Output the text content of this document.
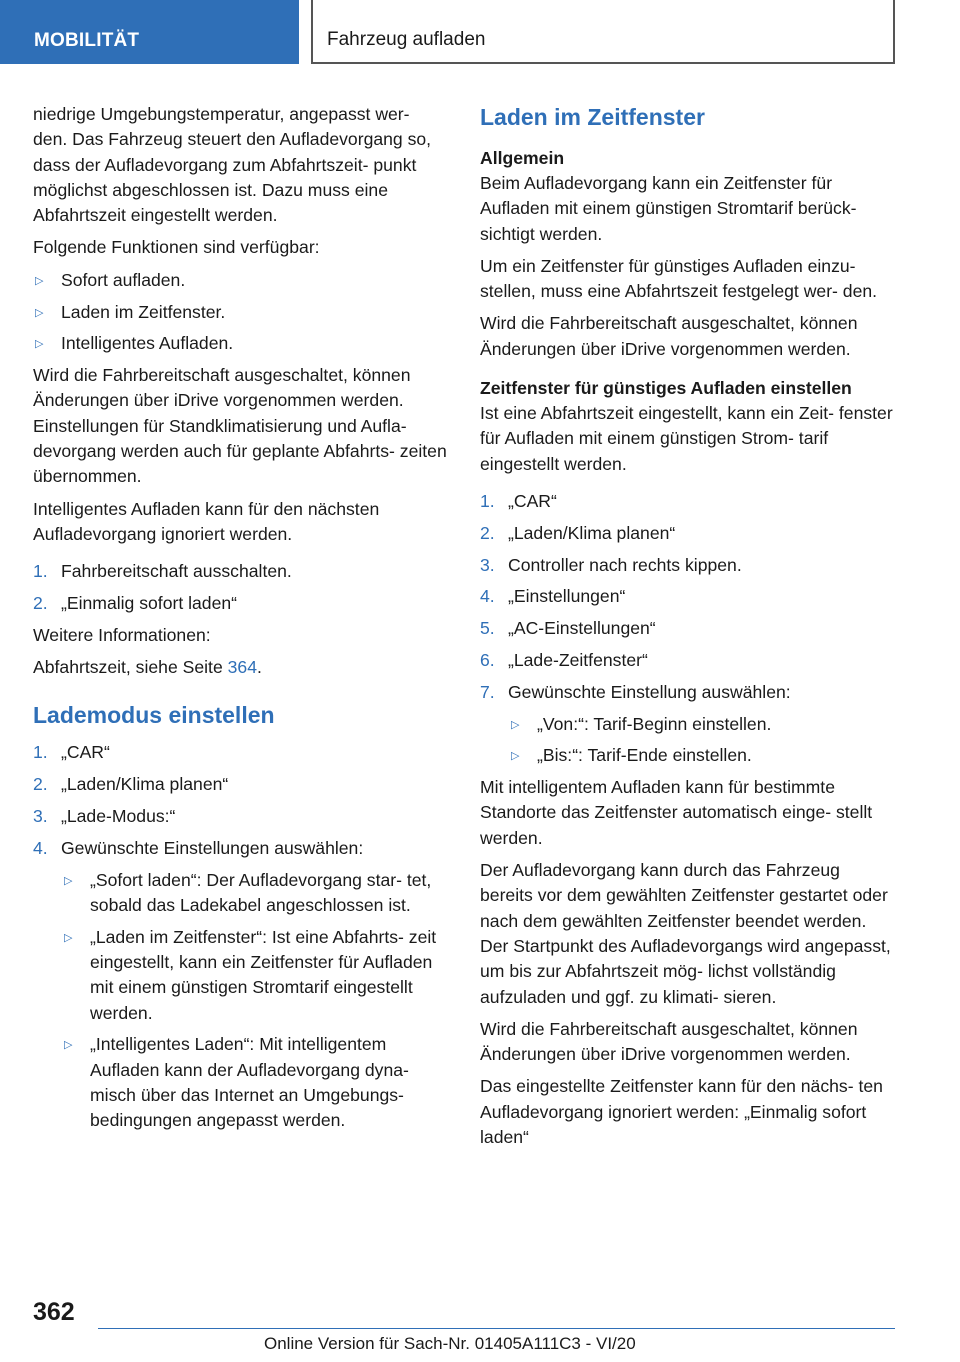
MOBILITÄT	Fahrzeug aufladen

niedrige Umgebungstemperatur, angepasst wer‐ den. Das Fahrzeug steuert den Aufladevorgang so, dass der Aufladevorgang zum Abfahrtszeit‐ punkt möglichst abgeschlossen ist. Dazu muss eine Abfahrtszeit eingestellt werden.

Folgende Funktionen sind verfügbar:

▷ Sofort aufladen.
▷ Laden im Zeitfenster.
▷ Intelligentes Aufladen.

Wird die Fahrbereitschaft ausgeschaltet, können Änderungen über iDrive vorgenommen werden. Einstellungen für Standklimatisierung und Aufla‐ devorgang werden auch für geplante Abfahrts‐ zeiten übernommen.

Intelligentes Aufladen kann für den nächsten Aufladevorgang ignoriert werden.

1. Fahrbereitschaft ausschalten.
2. „Einmalig sofort laden“

Weitere Informationen:

Abfahrtszeit, siehe Seite 364.

Lademodus einstellen
1. „CAR“
2. „Laden/Klima planen“
3. „Lade-Modus:“
4. Gewünschte Einstellungen auswählen:
▷ „Sofort laden“: Der Aufladevorgang star‐ tet, sobald das Ladekabel angeschlossen ist.
▷ „Laden im Zeitfenster“: Ist eine Abfahrts‐ zeit eingestellt, kann ein Zeitfenster für Aufladen mit einem günstigen Stromtarif eingestellt werden.
▷ „Intelligentes Laden“: Mit intelligentem Aufladen kann der Aufladevorgang dyna‐ misch über das Internet an Umgebungs‐ bedingungen angepasst werden.
Laden im Zeitfenster
Allgemein

Beim Aufladevorgang kann ein Zeitfenster für Aufladen mit einem günstigen Stromtarif berück‐ sichtigt werden.

Um ein Zeitfenster für günstiges Aufladen einzu‐ stellen, muss eine Abfahrtszeit festgelegt wer‐ den.

Wird die Fahrbereitschaft ausgeschaltet, können Änderungen über iDrive vorgenommen werden.

Zeitfenster für günstiges Aufladen einstellen

Ist eine Abfahrtszeit eingestellt, kann ein Zeit‐ fenster für Aufladen mit einem günstigen Strom‐ tarif eingestellt werden.

1. „CAR“
2. „Laden/Klima planen“
3. Controller nach rechts kippen.
4. „Einstellungen“
5. „AC-Einstellungen“
6. „Lade-Zeitfenster“
7. Gewünschte Einstellung auswählen:
▷ „Von:“: Tarif-Beginn einstellen.
▷ „Bis:“: Tarif-Ende einstellen.

Mit intelligentem Aufladen kann für bestimmte Standorte das Zeitfenster automatisch einge‐ stellt werden.

Der Aufladevorgang kann durch das Fahrzeug bereits vor dem gewählten Zeitfenster gestartet oder nach dem gewählten Zeitfenster beendet werden. Der Startpunkt des Aufladevorgangs wird angepasst, um bis zur Abfahrtszeit mög‐ lichst vollständig aufzuladen und ggf. zu klimati‐ sieren.

Wird die Fahrbereitschaft ausgeschaltet, können Änderungen über iDrive vorgenommen werden.

Das eingestellte Zeitfenster kann für den nächs‐ ten Aufladevorgang ignoriert werden: „Einmalig sofort laden“

362
Online Version für Sach-Nr. 01405A111C3 - VI/20
